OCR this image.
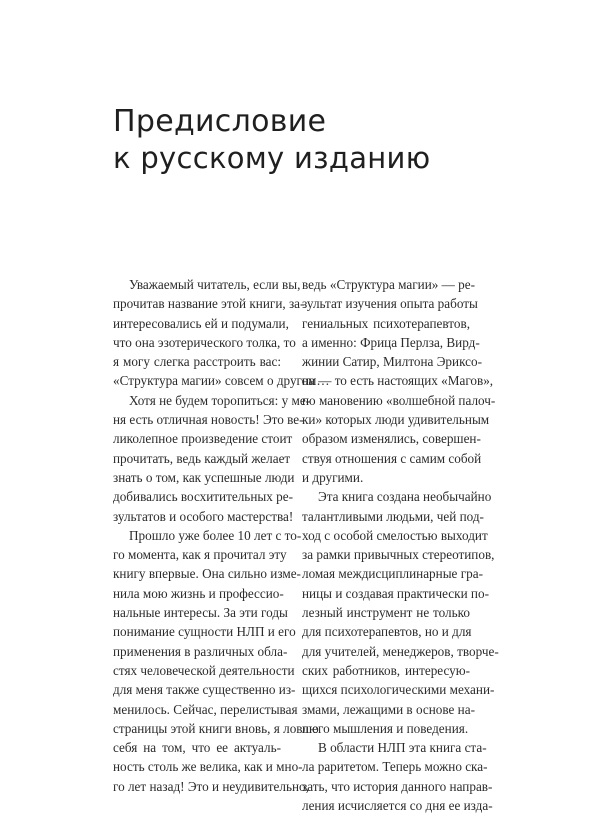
Предисловие
к русскому изданию
Уважаемый читатель, если вы,
прочитав название этой книги, за-
интересовались ей и подумали,
что она эзотерического толка, то
я могу слегка расстроить вас:
«Структура магии» совсем о другом…
Хотя не будем торопиться: у ме-
ня есть отличная новость! Это ве-
ликолепное произведение стоит
прочитать, ведь каждый желает
знать о том, как успешные люди
добивались восхитительных ре-
зультатов и особого мастерства!
Прошло уже более 10 лет с то-
го момента, как я прочитал эту
книгу впервые. Она сильно изме-
нила мою жизнь и профессио-
нальные интересы. За эти годы
понимание сущности НЛП и его
применения в различных обла-
стях человеческой деятельности
для меня также существенно из-
менилось. Сейчас, перелистывая
страницы этой книги вновь, я ловлю
себя на том, что ее актуаль-
ность столь же велика, как и мно-
го лет назад! Это и неудивительно,
ведь «Структура магии» — ре-
зультат изучения опыта работы
гениальных психотерапевтов,
а именно: Фрица Перлза, Вирд-
жинии Сатир, Милтона Эриксо-
на — то есть настоящих «Магов»,
по мановению «волшебной палоч-
ки» которых люди удивительным
образом изменялись, совершен-
ствуя отношения с самим собой
и другими.
Эта книга создана необычайно
талантливыми людьми, чей под-
ход с особой смелостью выходит
за рамки привычных стереотипов,
ломая междисциплинарные гра-
ницы и создавая практически по-
лезный инструмент не только
для психотерапевтов, но и для
для учителей, менеджеров, творче-
ских работников, интересую-
щихся психологическими механи-
змами, лежащими в основе на-
шего мышления и поведения.
В области НЛП эта книга ста-
ла раритетом. Теперь можно ска-
зать, что история данного направ-
ления исчисляется со дня ее изда-
